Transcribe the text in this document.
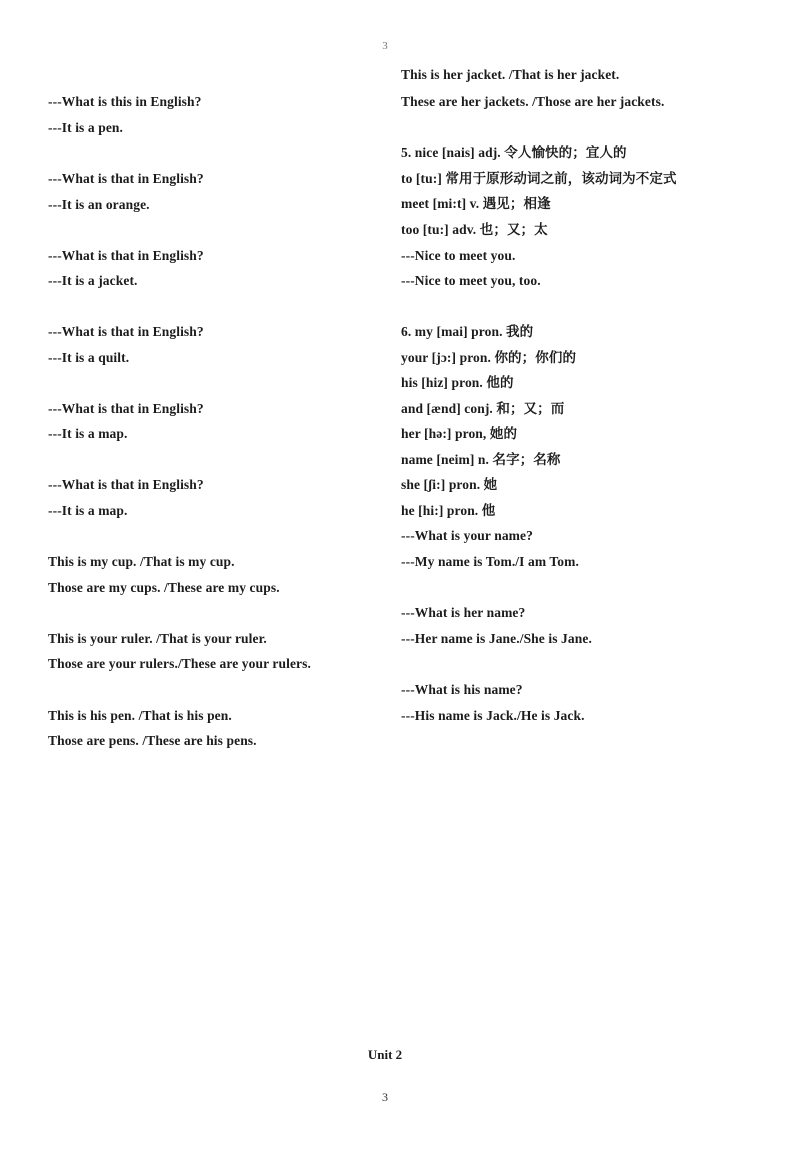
3
---What is this in English?
---It is a pen.
---What is that in English?
---It is an orange.
---What is that in English?
---It is a jacket.
---What is that in English?
---It is a quilt.
---What is that in English?
---It is a map.
---What is that in English?
---It is a map.
This is my cup. /That is my cup.
Those are my cups. /These are my cups.
This is your ruler. /That is your ruler.
Those are your rulers./These are your rulers.
This is his pen. /That is his pen.
Those are pens. /These are his pens.
This is her jacket. /That is her jacket.
These are her jackets. /Those are her jackets.
5. nice [nais] adj. 令人愉快的；宜人的
to [tu:] 常用于原形动词之前，该动词为不定式
meet [mi:t] v. 遇见；相逢
too [tu:] adv. 也；又；太
---Nice to meet you.
---Nice to meet you, too.
6. my [mai] pron. 我的
your [jɔ:] pron. 你的；你们的
his [hiz] pron. 他的
and [ænd] conj. 和；又；而
her [hə:] pron, 她的
name [neim] n. 名字；名称
she [ʃi:] pron. 她
he [hi:] pron. 他
---What is your name?
---My name is Tom./I am Tom.
---What is her name?
---Her name is Jane./She is Jane.
---What is his name?
---His name is Jack./He is Jack.
Unit 2
3
